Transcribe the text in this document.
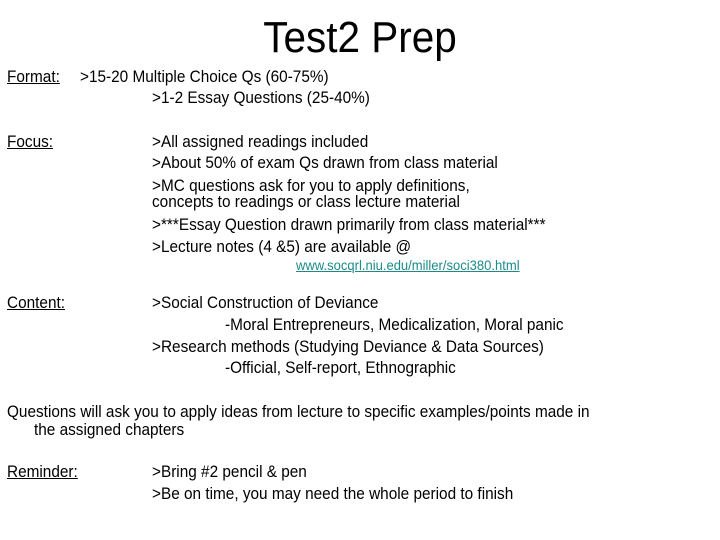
Test2 Prep
Format: >15-20 Multiple Choice Qs (60-75%)
>1-2 Essay Questions (25-40%)
Focus:	>All assigned readings included
>About 50% of exam Qs drawn from class material
>MC questions ask for you to apply definitions,
concepts to readings or class lecture material
>***Essay Question drawn primarily from class material***
>Lecture notes (4 &5) are available @
www.socqrl.niu.edu/miller/soci380.html
Content:	>Social Construction of Deviance
-Moral Entrepreneurs, Medicalization, Moral panic
>Research methods (Studying Deviance & Data Sources)
-Official, Self-report, Ethnographic
Questions will ask you to apply ideas from lecture to specific examples/points made in
the assigned chapters
Reminder:	>Bring #2 pencil & pen
>Be on time, you may need the whole period to finish
